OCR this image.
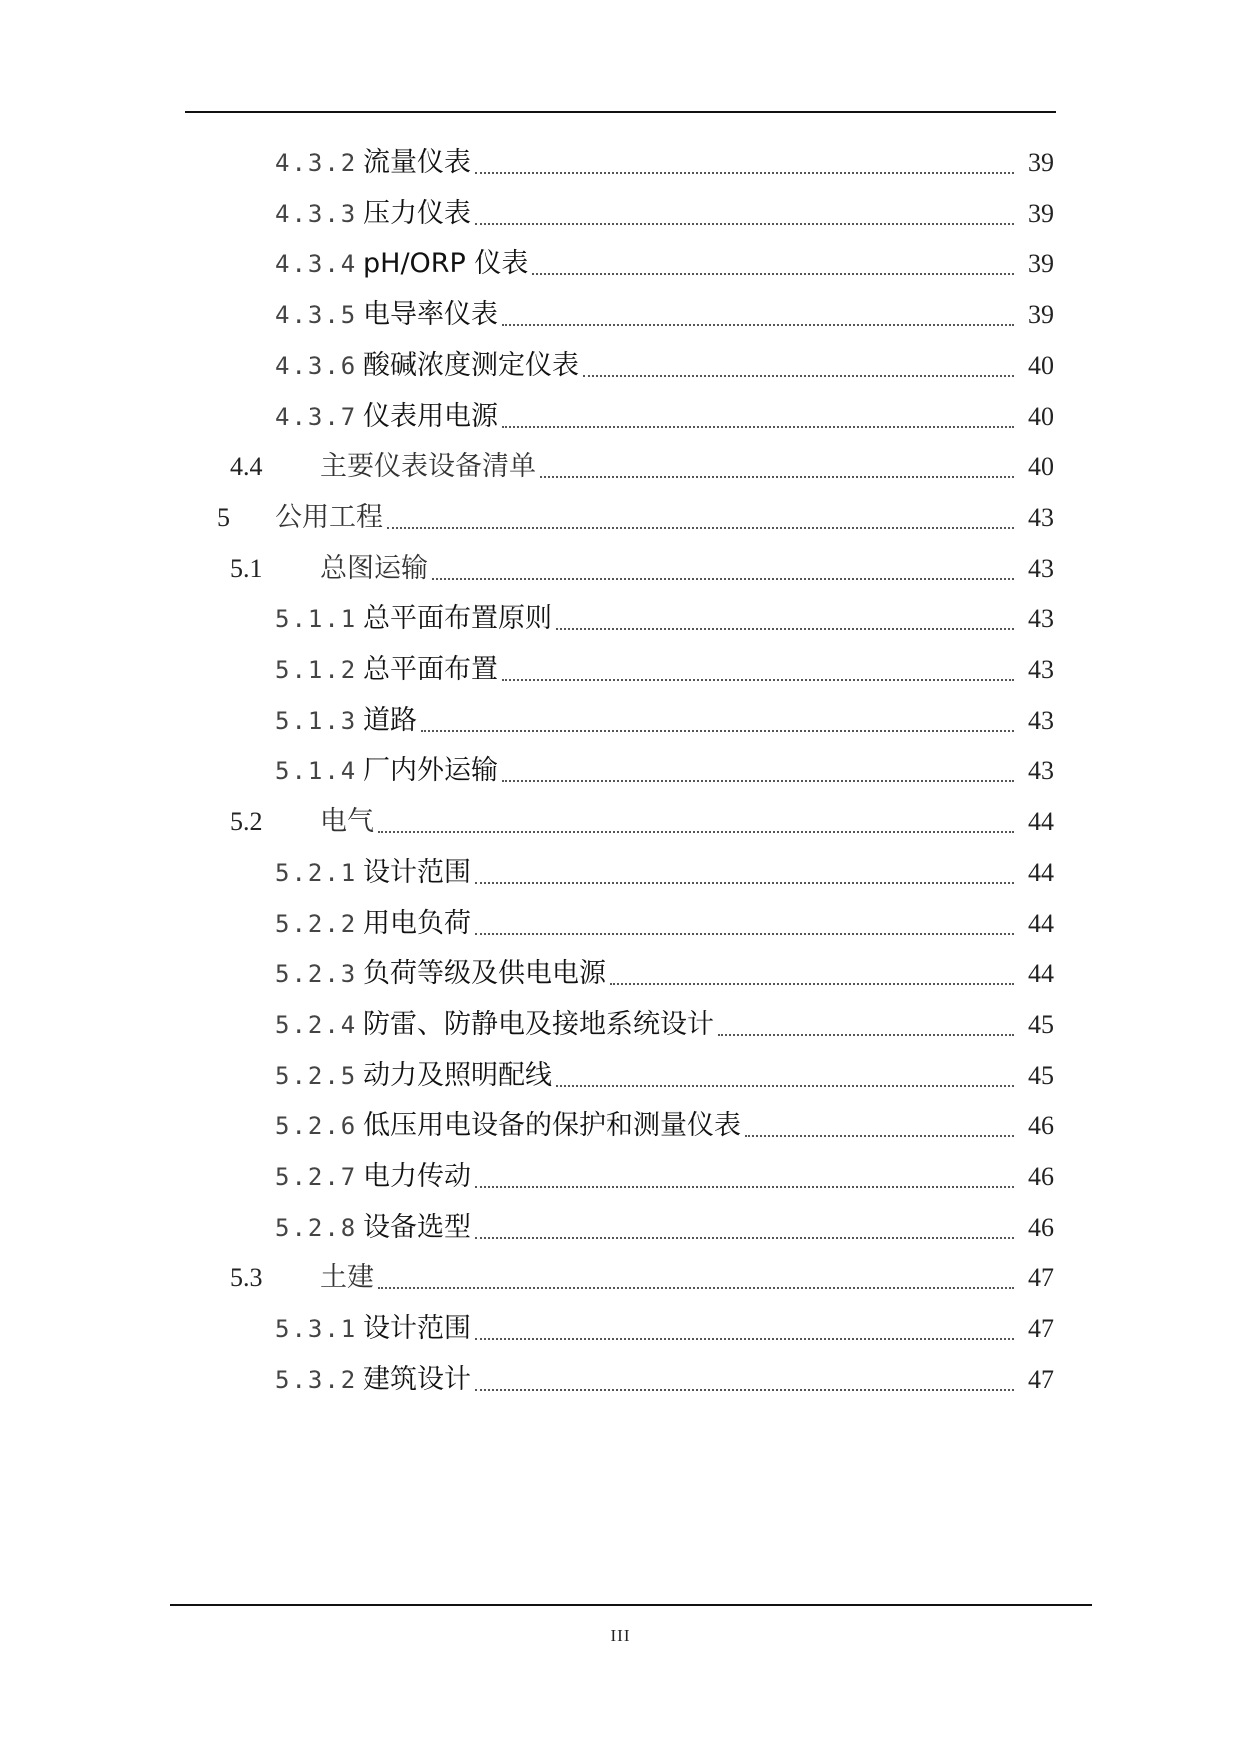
4.3.2 流量仪表	39
4.3.3 压力仪表	39
4.3.4 pH/ORP 仪表	39
4.3.5 电导率仪表	39
4.3.6 酸碱浓度测定仪表	40
4.3.7 仪表用电源	40
4.4	主要仪表设备清单	40
5	公用工程	43
5.1	总图运输	43
5.1.1 总平面布置原则	43
5.1.2 总平面布置	43
5.1.3 道路	43
5.1.4 厂内外运输	43
5.2	电气	44
5.2.1 设计范围	44
5.2.2 用电负荷	44
5.2.3 负荷等级及供电电源	44
5.2.4 防雷、防静电及接地系统设计	45
5.2.5 动力及照明配线	45
5.2.6 低压用电设备的保护和测量仪表	46
5.2.7 电力传动	46
5.2.8 设备选型	46
5.3	土建	47
5.3.1 设计范围	47
5.3.2 建筑设计	47
III
